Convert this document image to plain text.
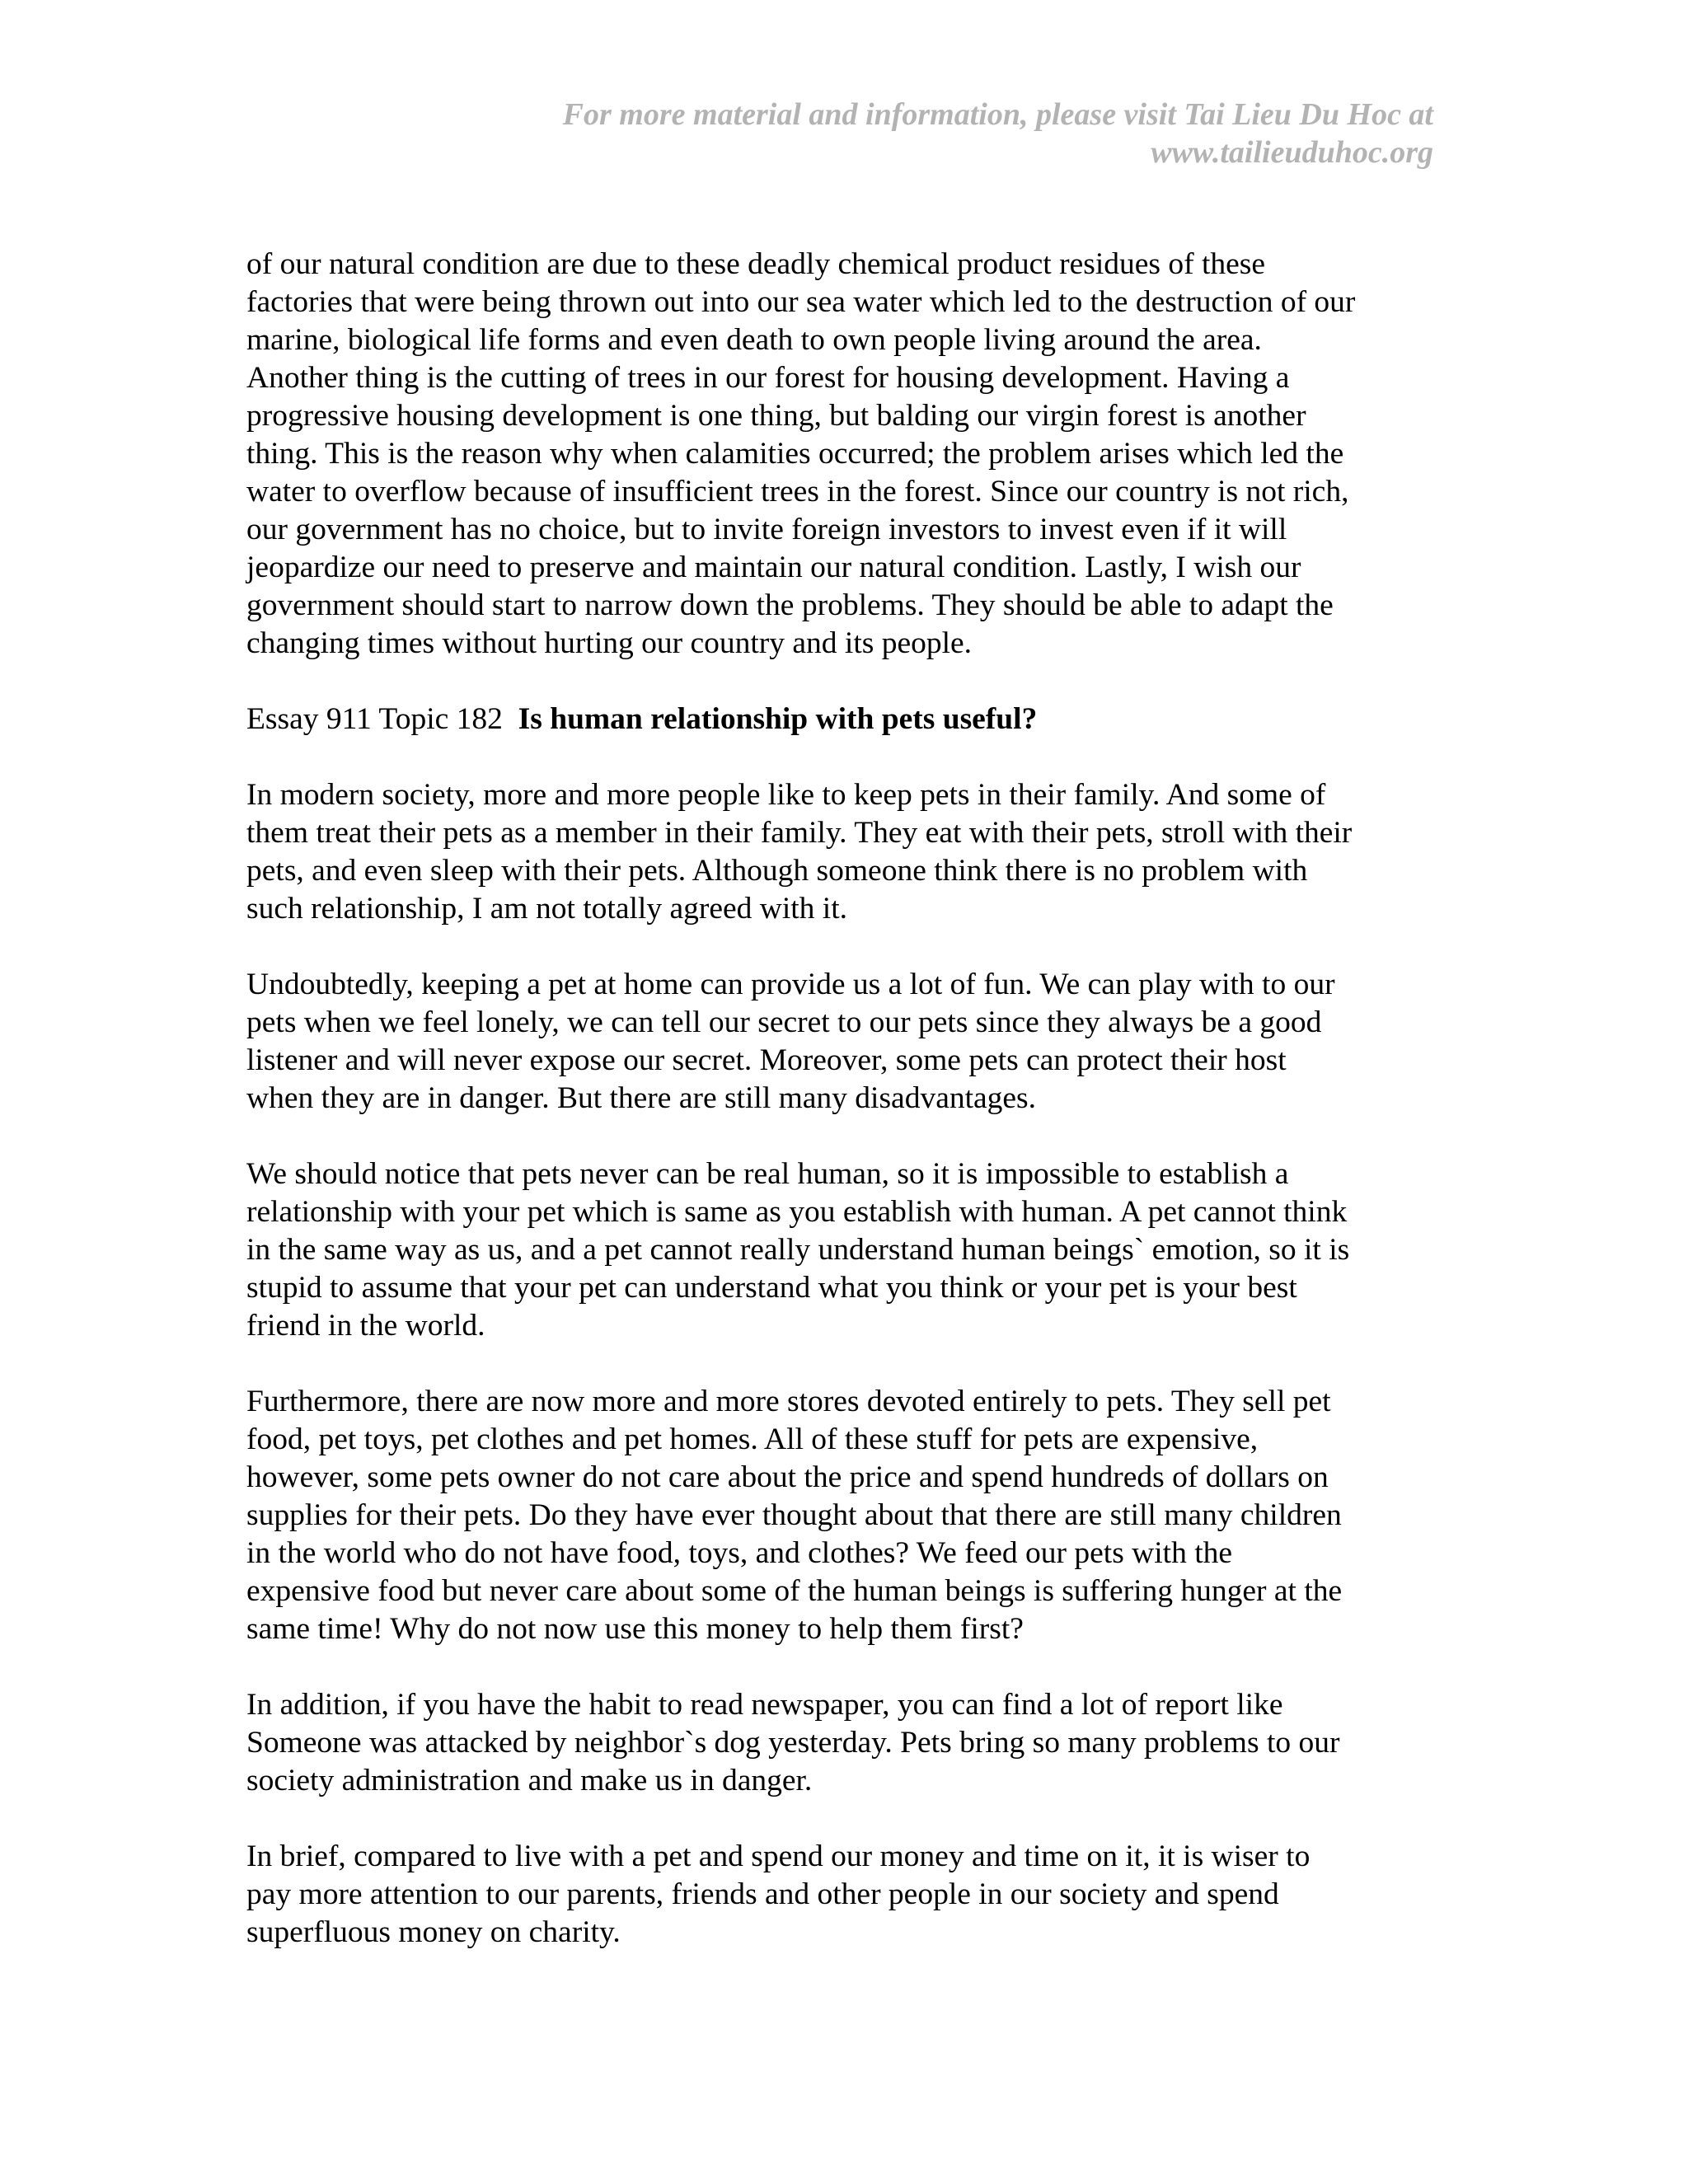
For more material and information, please visit Tai Lieu Du Hoc at
www.tailieuduhoc.org
of our natural condition are due to these deadly chemical product residues of these
factories that were being thrown out into our sea water which led to the destruction of our
marine, biological life forms and even death to own people living around the area.
Another thing is the cutting of trees in our forest for housing development. Having a
progressive housing development is one thing, but balding our virgin forest is another
thing. This is the reason why when calamities occurred; the problem arises which led the
water to overflow because of insufficient trees in the forest. Since our country is not rich,
our government has no choice, but to invite foreign investors to invest even if it will
jeopardize our need to preserve and maintain our natural condition. Lastly, I wish our
government should start to narrow down the problems. They should be able to adapt the
changing times without hurting our country and its people.
Essay 911 Topic 182 Is human relationship with pets useful?
In modern society, more and more people like to keep pets in their family. And some of
them treat their pets as a member in their family. They eat with their pets, stroll with their
pets, and even sleep with their pets. Although someone think there is no problem with
such relationship, I am not totally agreed with it.
Undoubtedly, keeping a pet at home can provide us a lot of fun. We can play with to our
pets when we feel lonely, we can tell our secret to our pets since they always be a good
listener and will never expose our secret. Moreover, some pets can protect their host
when they are in danger. But there are still many disadvantages.
We should notice that pets never can be real human, so it is impossible to establish a
relationship with your pet which is same as you establish with human. A pet cannot think
in the same way as us, and a pet cannot really understand human beings` emotion, so it is
stupid to assume that your pet can understand what you think or your pet is your best
friend in the world.
Furthermore, there are now more and more stores devoted entirely to pets. They sell pet
food, pet toys, pet clothes and pet homes. All of these stuff for pets are expensive,
however, some pets owner do not care about the price and spend hundreds of dollars on
supplies for their pets. Do they have ever thought about that there are still many children
in the world who do not have food, toys, and clothes? We feed our pets with the
expensive food but never care about some of the human beings is suffering hunger at the
same time! Why do not now use this money to help them first?
In addition, if you have the habit to read newspaper, you can find a lot of report like
Someone was attacked by neighbor`s dog yesterday. Pets bring so many problems to our
society administration and make us in danger.
In brief, compared to live with a pet and spend our money and time on it, it is wiser to
pay more attention to our parents, friends and other people in our society and spend
superfluous money on charity.
